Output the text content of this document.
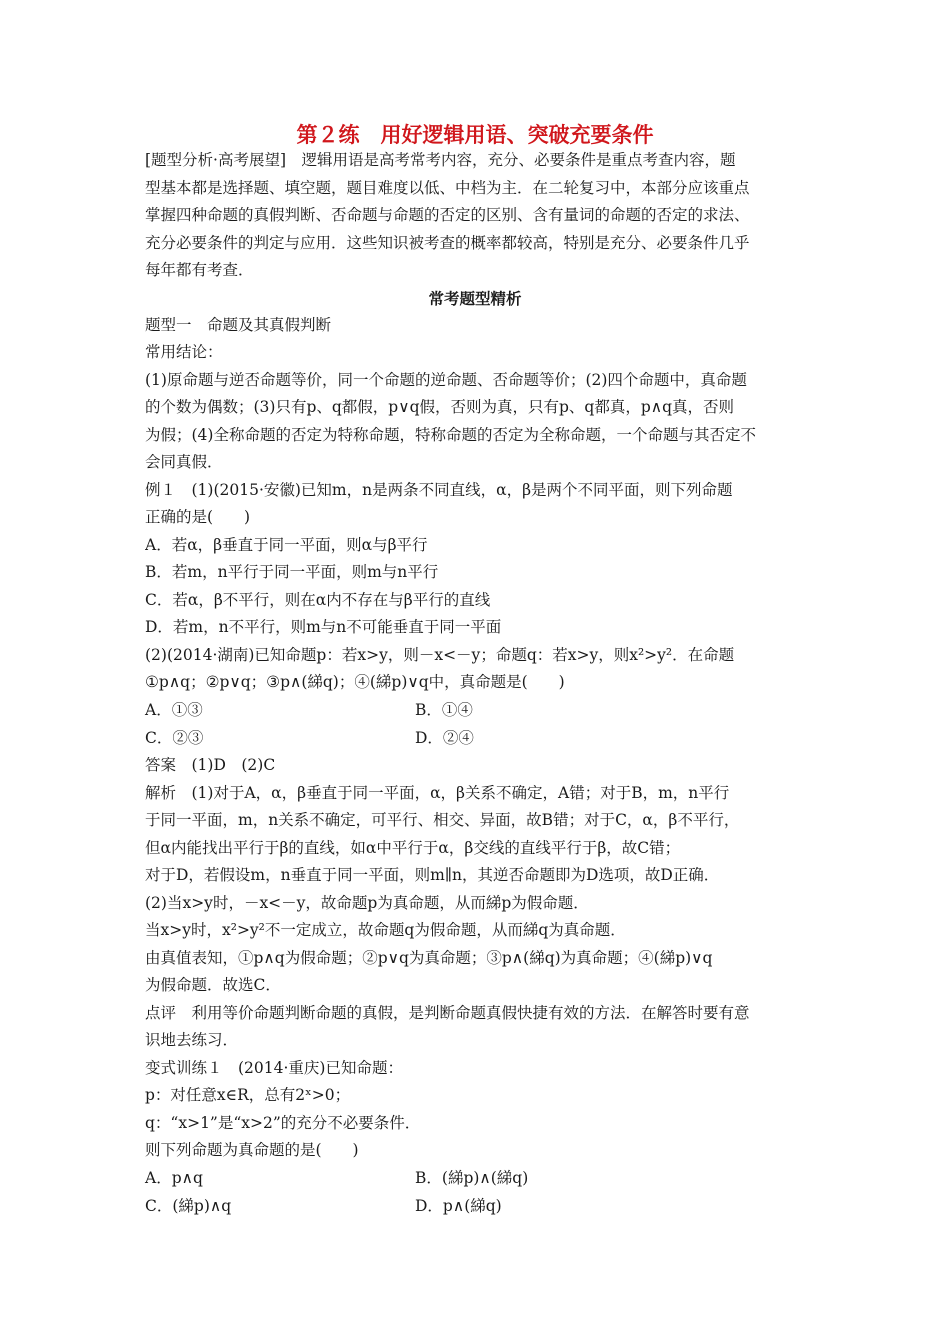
第２练　用好逻辑用语、突破充要条件
[题型分析·高考展望]　逻辑用语是高考常考内容，充分、必要条件是重点考查内容，题
型基本都是选择题、填空题，题目难度以低、中档为主．在二轮复习中，本部分应该重点
掌握四种命题的真假判断、否命题与命题的否定的区别、含有量词的命题的否定的求法、
充分必要条件的判定与应用．这些知识被考查的概率都较高，特别是充分、必要条件几乎
每年都有考查．
常考题型精析
题型一　命题及其真假判断
常用结论：
(1)原命题与逆否命题等价，同一个命题的逆命题、否命题等价；(2)四个命题中，真命题
的个数为偶数；(3)只有p、q都假，p∨q假，否则为真，只有p、q都真，p∧q真，否则
为假；(4)全称命题的否定为特称命题，特称命题的否定为全称命题，一个命题与其否定不
会同真假．
例１　(1)(2015·安徽)已知m，n是两条不同直线，α，β是两个不同平面，则下列命题
正确的是(　　)
A．若α，β垂直于同一平面，则α与β平行
B．若m，n平行于同一平面，则m与n平行
C．若α，β不平行，则在α内不存在与β平行的直线
D．若m，n不平行，则m与n不可能垂直于同一平面
(2)(2014·湖南)已知命题p：若x>y，则－x<－y；命题q：若x>y，则x²>y²．在命题
①p∧q；②p∨q；③p∧(綈q)；④(綈p)∨q中，真命题是(　　)
A．①③	B．①④
C．②③	D．②④
答案　(1)D　(2)C
解析　(1)对于A，α，β垂直于同一平面，α，β关系不确定，A错；对于B，m，n平行
于同一平面，m，n关系不确定，可平行、相交、异面，故B错；对于C，α，β不平行，
但α内能找出平行于β的直线，如α中平行于α，β交线的直线平行于β，故C错；
对于D，若假设m，n垂直于同一平面，则m∥n，其逆否命题即为D选项，故D正确．
(2)当x>y时，－x<－y，故命题p为真命题，从而綈p为假命题．
当x>y时，x²>y²不一定成立，故命题q为假命题，从而綈q为真命题．
由真值表知，①p∧q为假命题；②p∨q为真命题；③p∧(綈q)为真命题；④(綈p)∨q
为假命题．故选C．
点评　利用等价命题判断命题的真假，是判断命题真假快捷有效的方法．在解答时要有意
识地去练习．
变式训练１　(2014·重庆)已知命题：
p：对任意x∈R，总有2ˣ>0；
q：“x>1”是“x>2”的充分不必要条件．
则下列命题为真命题的是(　　)
A．p∧q	B．(綈p)∧(綈q)
C．(綈p)∧q	D．p∧(綈q)
